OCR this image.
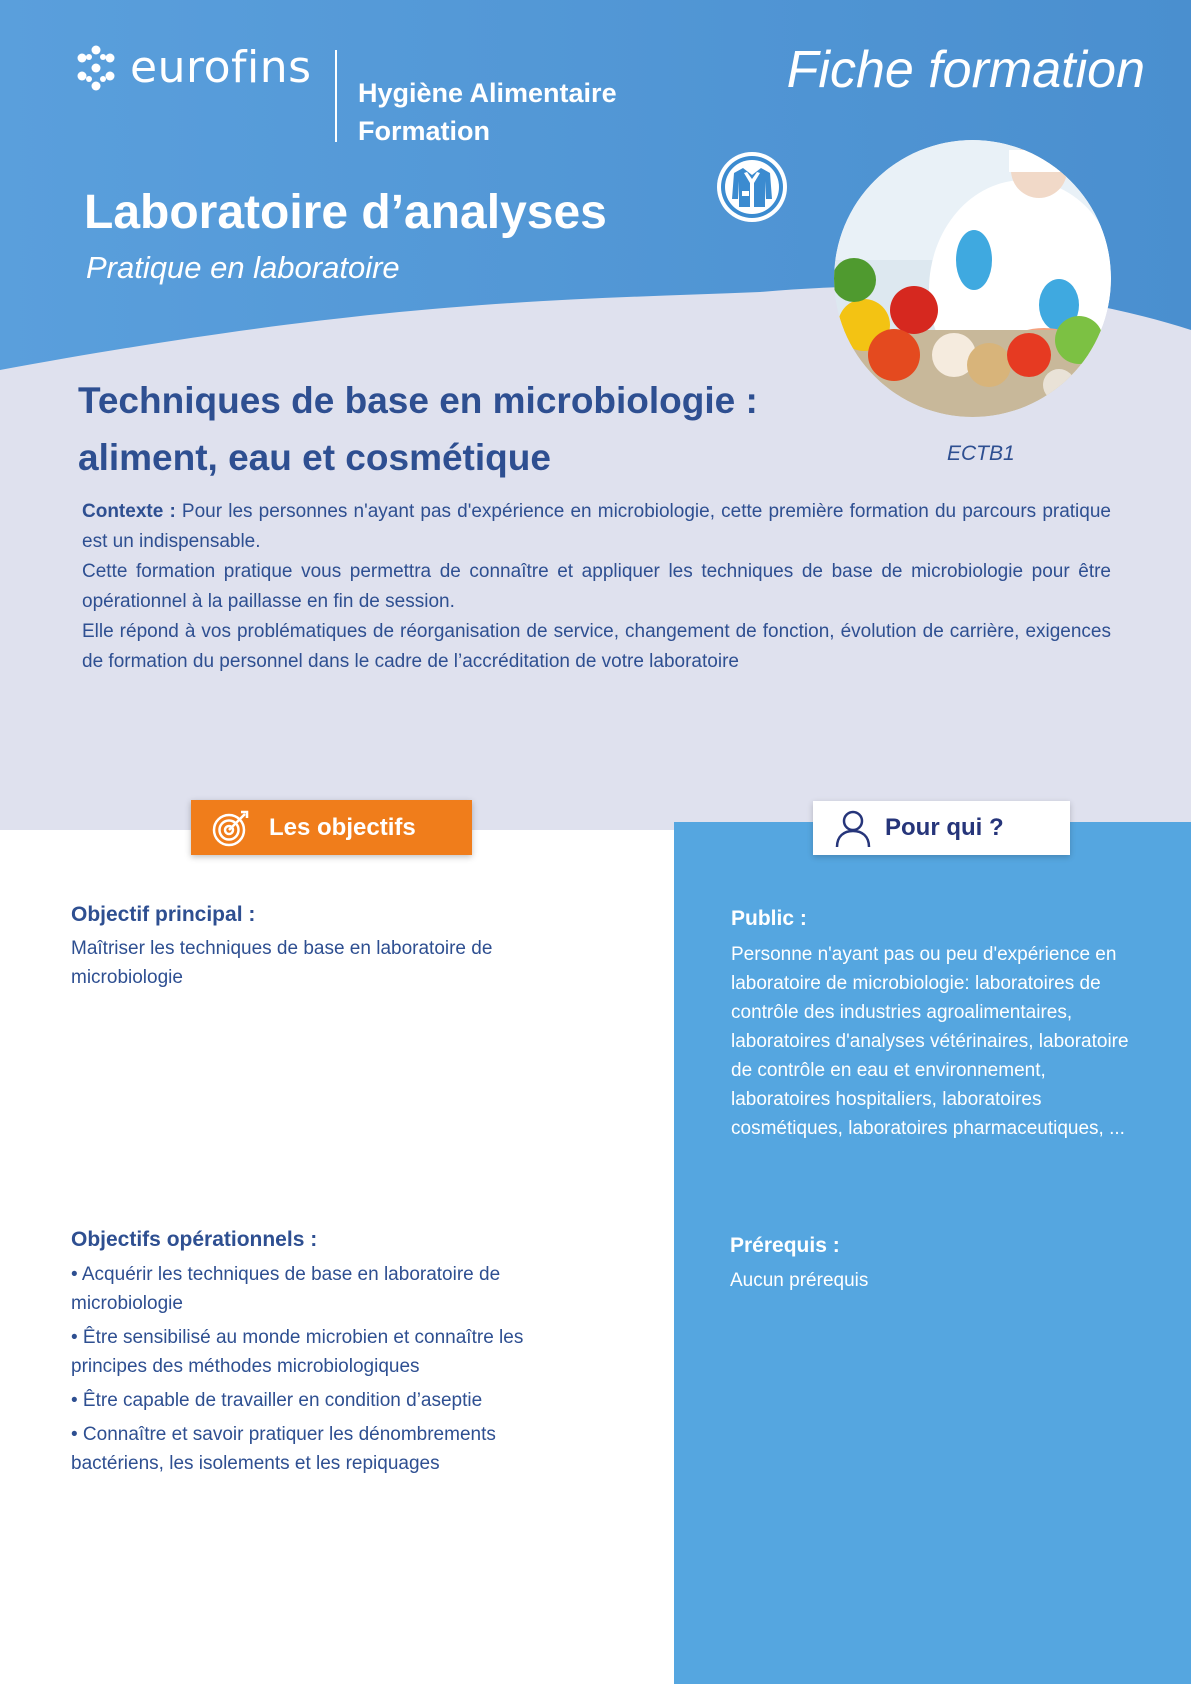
eurofins Hygiène Alimentaire
Formation
Fiche formation
Laboratoire d’analyses
Pratique en laboratoire
Techniques de base en microbiologie :
aliment, eau et cosmétique	ECTB1

Contexte : Pour les personnes n'ayant pas d'expérience en microbiologie, cette première formation du parcours pratique est un indispensable.

Cette formation pratique vous permettra de connaître et appliquer les techniques de base de microbiologie pour être opérationnel à la paillasse en fin de session.

Elle répond à vos problématiques de réorganisation de service, changement de fonction, évolution de carrière, exigences de formation du personnel dans le cadre de l’accréditation de votre laboratoire

Les objectifs	Pour qui ?
Objectif principal :
Maîtriser les techniques de base en laboratoire de microbiologie
Objectifs opérationnels :
• Acquérir les techniques de base en laboratoire de microbiologie
• Être sensibilisé au monde microbien et connaître les principes des méthodes microbiologiques
• Être capable de travailler en condition d’aseptie
• Connaître et savoir pratiquer les dénombrements bactériens, les isolements et les repiquages
Public :
Personne n'ayant pas ou peu d'expérience en laboratoire de microbiologie: laboratoires de contrôle des industries agroalimentaires, laboratoires d'analyses vétérinaires, laboratoire de contrôle en eau et environnement, laboratoires hospitaliers, laboratoires cosmétiques, laboratoires pharmaceutiques, ...
Prérequis :
Aucun prérequis
